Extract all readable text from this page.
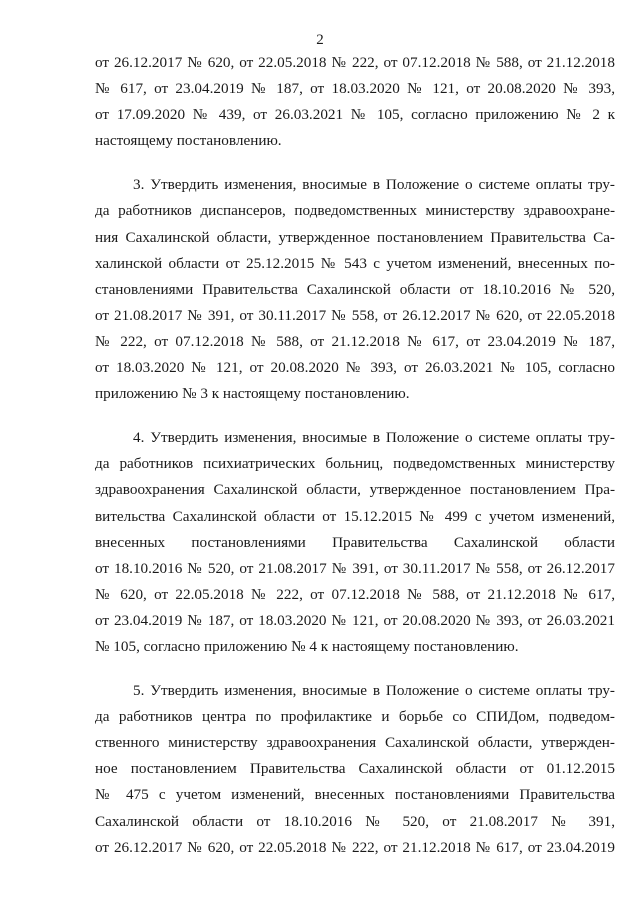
2
от 26.12.2017 № 620, от 22.05.2018 № 222, от 07.12.2018 № 588, от 21.12.2018
№ 617, от 23.04.2019 № 187, от 18.03.2020 № 121, от 20.08.2020 № 393,
от 17.09.2020 № 439, от 26.03.2021 № 105, согласно приложению № 2 к
настоящему постановлению.
3. Утвердить изменения, вносимые в Положение о системе оплаты тру-
да работников диспансеров, подведомственных министерству здравоохране-
ния Сахалинской области, утвержденное постановлением Правительства Са-
халинской области от 25.12.2015 № 543 с учетом изменений, внесенных по-
становлениями Правительства Сахалинской области от 18.10.2016 № 520,
от 21.08.2017 № 391, от 30.11.2017 № 558, от 26.12.2017 № 620, от 22.05.2018
№ 222, от 07.12.2018 № 588, от 21.12.2018 № 617, от 23.04.2019 № 187,
от 18.03.2020 № 121, от 20.08.2020 № 393, от 26.03.2021 № 105, согласно
приложению № 3 к настоящему постановлению.
4. Утвердить изменения, вносимые в Положение о системе оплаты тру-
да работников психиатрических больниц, подведомственных министерству
здравоохранения Сахалинской области, утвержденное постановлением Пра-
вительства Сахалинской области от 15.12.2015 № 499 с учетом изменений,
внесенных постановлениями Правительства Сахалинской области
от 18.10.2016 № 520, от 21.08.2017 № 391, от 30.11.2017 № 558, от 26.12.2017
№ 620, от 22.05.2018 № 222, от 07.12.2018 № 588, от 21.12.2018 № 617,
от 23.04.2019 № 187, от 18.03.2020 № 121, от 20.08.2020 № 393, от 26.03.2021
№ 105, согласно приложению № 4 к настоящему постановлению.
5. Утвердить изменения, вносимые в Положение о системе оплаты тру-
да работников центра по профилактике и борьбе со СПИДом, подведом-
ственного министерству здравоохранения Сахалинской области, утвержден-
ное постановлением Правительства Сахалинской области от 01.12.2015
№ 475 с учетом изменений, внесенных постановлениями Правительства
Сахалинской области от 18.10.2016 № 520, от 21.08.2017 № 391,
от 26.12.2017 № 620, от 22.05.2018 № 222, от 21.12.2018 № 617, от 23.04.2019
